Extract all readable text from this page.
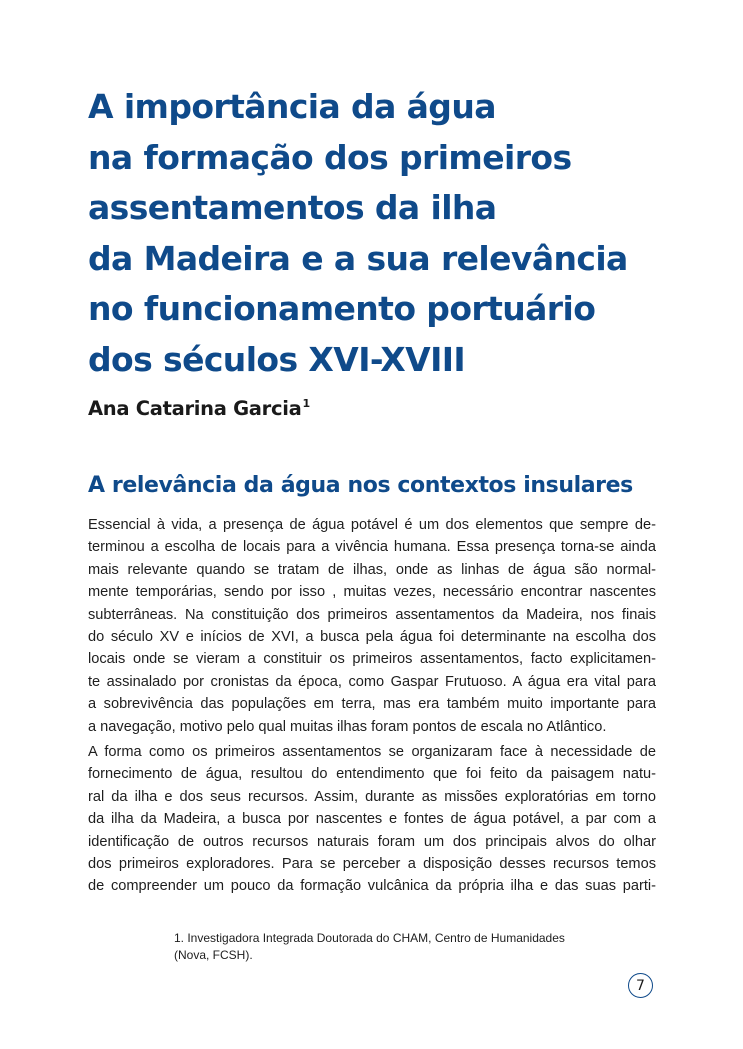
A importância da água
na formação dos primeiros
assentamentos da ilha
da Madeira e a sua relevância
no funcionamento portuário
dos séculos XVI-XVIII

Ana Catarina Garcia$^1$

A relevância da água nos contextos insulares

Essencial à vida, a presença de água potável é um dos elementos que sempre de-
terminou a escolha de locais para a vivência humana. Essa presença torna-se ainda
mais relevante quando se tratam de ilhas, onde as linhas de água são normal-
mente temporárias, sendo por isso , muitas vezes, necessário encontrar nascentes
subterrâneas. Na constituição dos primeiros assentamentos da Madeira, nos finais
do século XV e inícios de XVI, a busca pela água foi determinante na escolha dos
locais onde se vieram a constituir os primeiros assentamentos, facto explicitamen-
te assinalado por cronistas da época, como Gaspar Frutuoso. A água era vital para
a sobrevivência das populações em terra, mas era também muito importante para
a navegação, motivo pelo qual muitas ilhas foram pontos de escala no Atlântico.

A forma como os primeiros assentamentos se organizaram face à necessidade de
fornecimento de água, resultou do entendimento que foi feito da paisagem natu-
ral da ilha e dos seus recursos. Assim, durante as missões exploratórias em torno
da ilha da Madeira, a busca por nascentes e fontes de água potável, a par com a
identificação de outros recursos naturais foram um dos principais alvos do olhar
dos primeiros exploradores. Para se perceber a disposição desses recursos temos
de compreender um pouco da formação vulcânica da própria ilha e das suas parti-

1. Investigadora Integrada Doutorada do CHAM, Centro de Humanidades
(Nova, FCSH).

7
